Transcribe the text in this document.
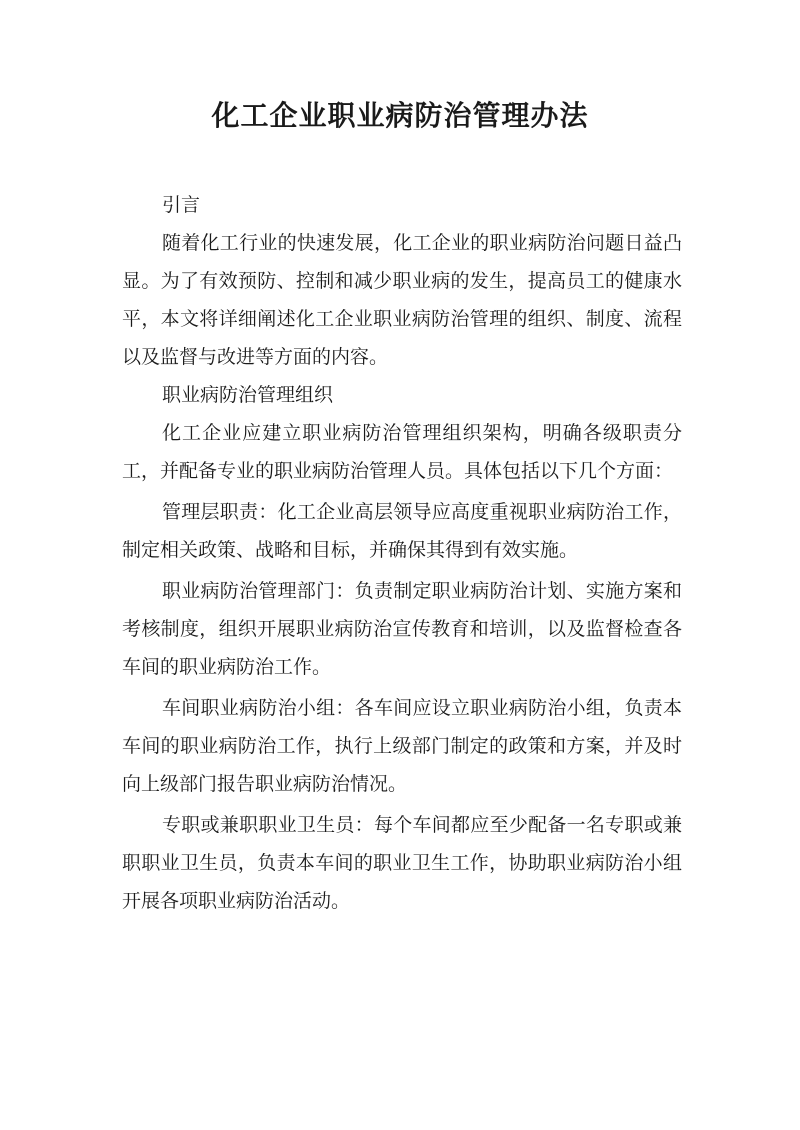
化工企业职业病防治管理办法

引言

随着化工行业的快速发展，化工企业的职业病防治问题日益凸显。为了有效预防、控制和减少职业病的发生，提高员工的健康水平，本文将详细阐述化工企业职业病防治管理的组织、制度、流程以及监督与改进等方面的内容。

职业病防治管理组织

化工企业应建立职业病防治管理组织架构，明确各级职责分工，并配备专业的职业病防治管理人员。具体包括以下几个方面：

管理层职责：化工企业高层领导应高度重视职业病防治工作，制定相关政策、战略和目标，并确保其得到有效实施。

职业病防治管理部门：负责制定职业病防治计划、实施方案和考核制度，组织开展职业病防治宣传教育和培训，以及监督检查各车间的职业病防治工作。

车间职业病防治小组：各车间应设立职业病防治小组，负责本车间的职业病防治工作，执行上级部门制定的政策和方案，并及时向上级部门报告职业病防治情况。

专职或兼职职业卫生员：每个车间都应至少配备一名专职或兼职职业卫生员，负责本车间的职业卫生工作，协助职业病防治小组开展各项职业病防治活动。
